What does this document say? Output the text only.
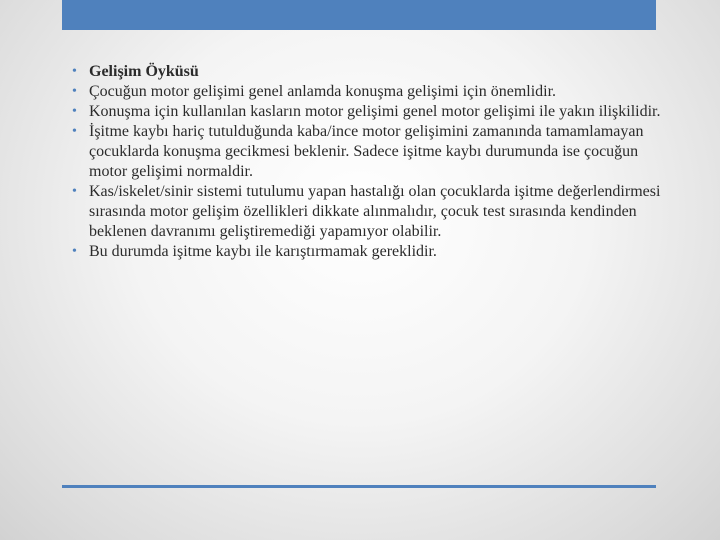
• Gelişim Öyküsü
• Çocuğun motor gelişimi genel anlamda konuşma gelişimi için önemlidir.
• Konuşma için kullanılan kasların motor gelişimi genel motor gelişimi ile yakın ilişkilidir.
• İşitme kaybı hariç tutulduğunda kaba/ince motor gelişimini zamanında tamamlamayan çocuklarda konuşma gecikmesi beklenir. Sadece işitme kaybı durumunda ise çocuğun motor gelişimi normaldir.
• Kas/iskelet/sinir sistemi tutulumu yapan hastalığı olan çocuklarda işitme değerlendirmesi sırasında motor gelişim özellikleri dikkate alınmalıdır, çocuk test sırasında kendinden beklenen davranımı geliştiremediği yapamıyor olabilir.
• Bu durumda işitme kaybı ile karıştırmamak gereklidir.
